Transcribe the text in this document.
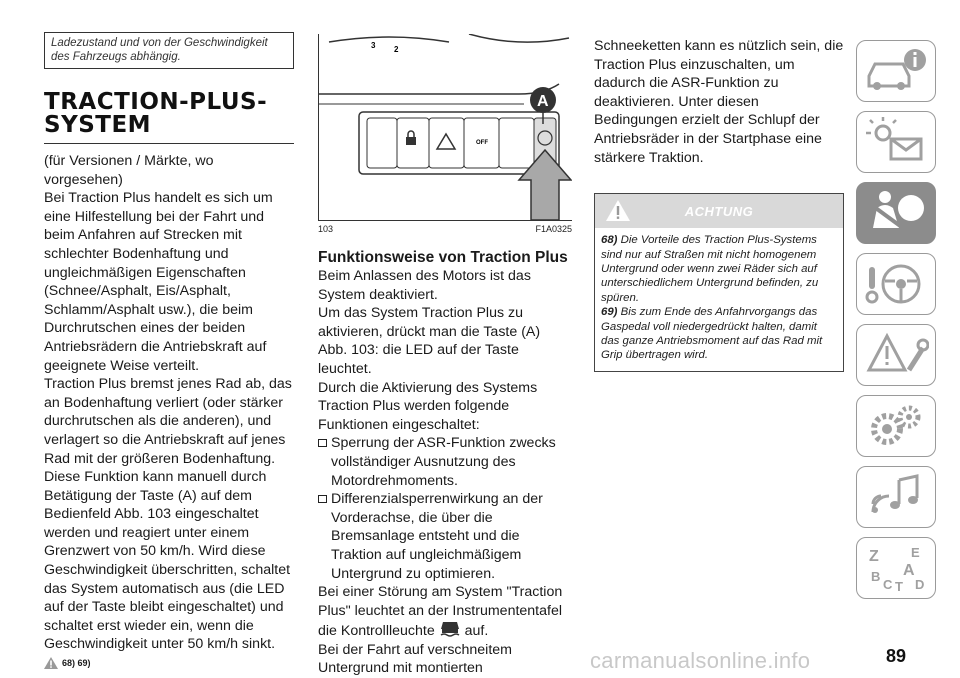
Ladezustand und von der Geschwindigkeit des Fahrzeugs abhängig.
TRACTION-PLUS-
SYSTEM

(für Versionen / Märkte, wo vorgesehen)

Bei Traction Plus handelt es sich um eine Hilfestellung bei der Fahrt und beim Anfahren auf Strecken mit schlechter Bodenhaftung und ungleichmäßigen Eigenschaften (Schnee/Asphalt, Eis/Asphalt, Schlamm/Asphalt usw.), die beim Durchrutschen eines der beiden Antriebsrädern die Antriebskraft auf geeignete Weise verteilt.

Traction Plus bremst jenes Rad ab, das an Bodenhaftung verliert (oder stärker durchrutschen als die anderen), und verlagert so die Antriebskraft auf jenes Rad mit der größeren Bodenhaftung.

Diese Funktion kann manuell durch Betätigung der Taste (A) auf dem Bedienfeld Abb. 103 eingeschaltet werden und reagiert unter einem Grenzwert von 50 km/h. Wird diese Geschwindigkeit überschritten, schaltet das System automatisch aus (die LED auf der Taste bleibt eingeschaltet) und schaltet erst wieder ein, wenn die Geschwindigkeit unter 50 km/h sinkt.

68) 69)
3 2
OFF
A
103	F1A0325
Funktionsweise von Traction Plus

Beim Anlassen des Motors ist das System deaktiviert.

Um das System Traction Plus zu aktivieren, drückt man die Taste (A) Abb. 103: die LED auf der Taste leuchtet.

Durch die Aktivierung des Systems Traction Plus werden folgende Funktionen eingeschaltet:

Sperrung der ASR-Funktion zwecks vollständiger Ausnutzung des Motordrehmoments.
Differenzialsperrenwirkung an der Vorderachse, die über die Bremsanlage entsteht und die Traktion auf ungleichmäßigem Untergrund zu optimieren.

Bei einer Störung am System "Traction Plus" leuchtet an der Instrumententafel die Kontrollleuchte auf.

Bei der Fahrt auf verschneitem Untergrund mit montierten

Schneeketten kann es nützlich sein, die Traction Plus einzuschalten, um dadurch die ASR-Funktion zu deaktivieren. Unter diesen Bedingungen erzielt der Schlupf der Antriebsräder in der Startphase eine stärkere Traktion.

ACHTUNG

68) Die Vorteile des Traction Plus-Systems sind nur auf Straßen mit nicht homogenem Untergrund oder wenn zwei Räder sich auf unterschiedlichem Untergrund befinden, zu spüren.

69) Bis zum Ende des Anfahrvorgangs das Gaspedal voll niedergedrückt halten, damit das ganze Antriebsmoment auf das Rad mit Grip übertragen wird.

Z E
A
B
C T D
carmanualsonline.info	89
